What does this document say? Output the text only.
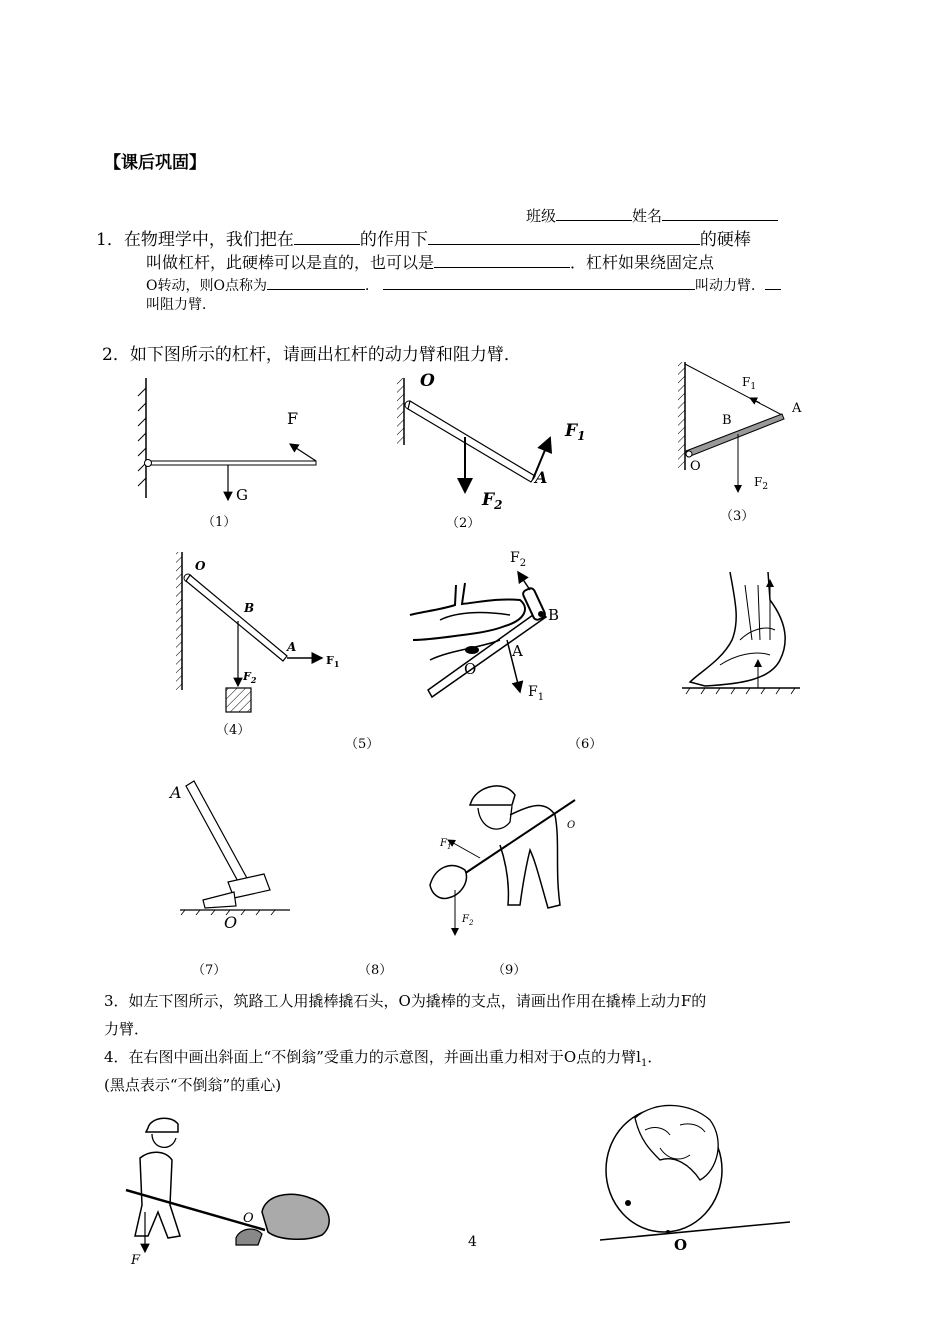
【课后巩固】
班级	姓名
1．在物理学中，我们把在	的作用下	的硬棒
叫做杠杆，此硬棒可以是直的，也可以是	．杠杆如果绕固定点
O转动，则O点称为	．	叫动力臂．
叫阻力臂．
2．如下图所示的杠杆，请画出杠杆的动力臂和阻力臂．
F
G
（1）
O
$F_1$
$F_2$
A
（2）
$F_1$
A
B
O
$F_2$
（3）
O
B
A
$F_1$
$F_2$
（4）
$F_2$
B
A
O
$F_1$
（5）	（6）
A
O
（7）
$F_1$
$F_2$
O
（8）	（9）
O
F
O
3．如左下图所示，筑路工人用撬棒撬石头，O为撬棒的支点，请画出作用在撬棒上动力F的
力臂．
4．在右图中画出斜面上“不倒翁”受重力的示意图，并画出重力相对于O点的力臂$l_1$．
(黑点表示“不倒翁”的重心)
4
